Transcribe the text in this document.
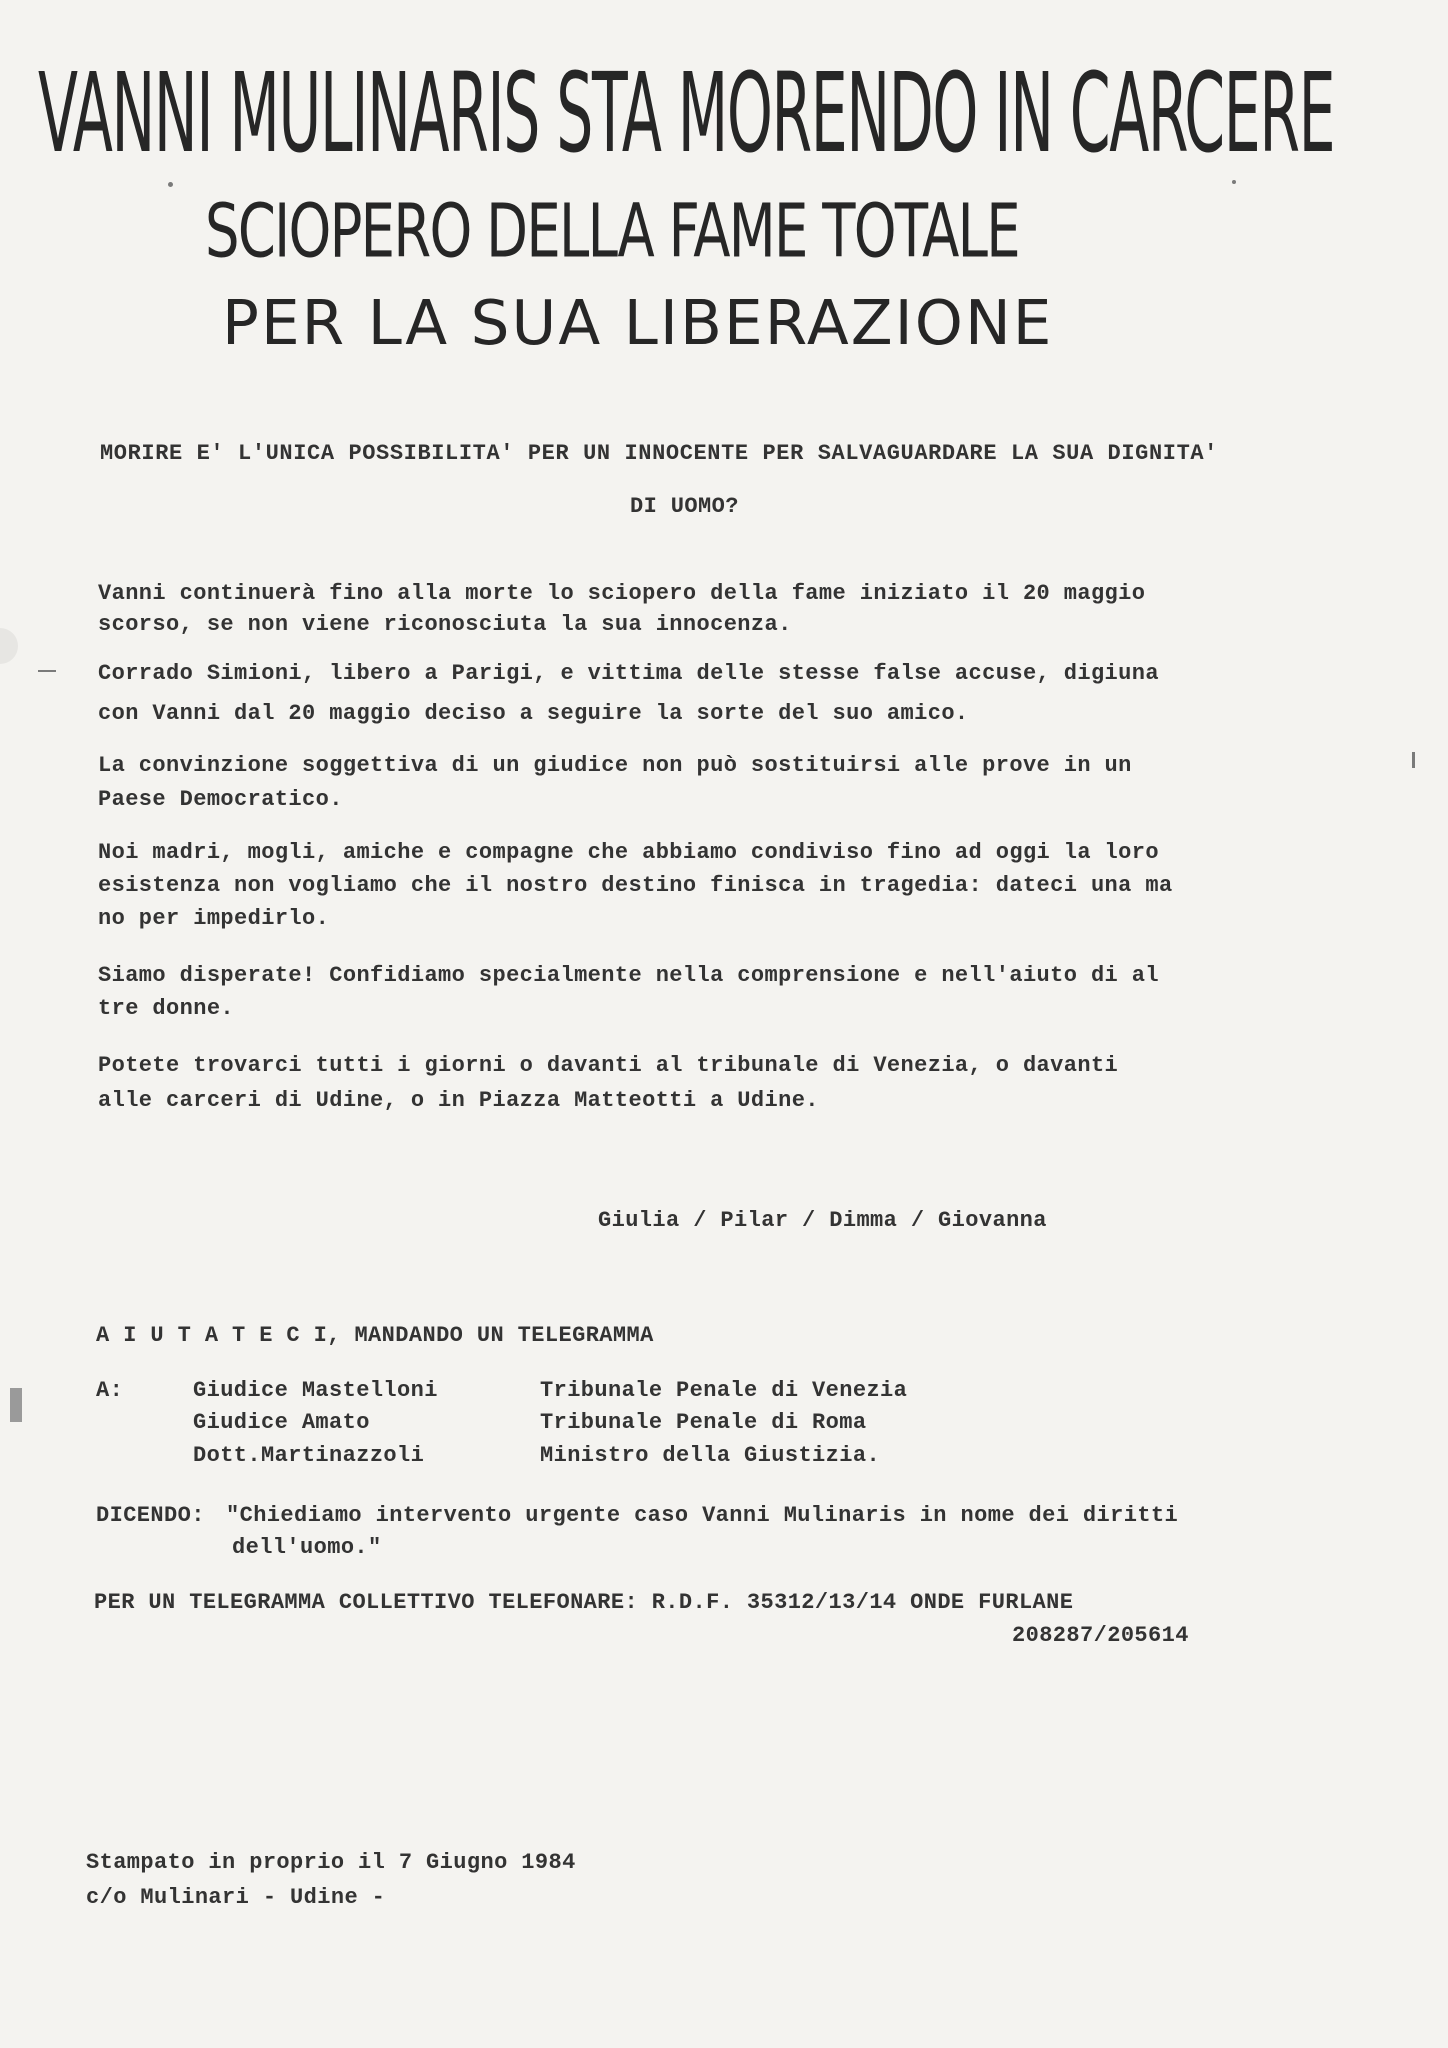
VANNI MULINARIS STA MORENDO IN CARCERE
SCIOPERO DELLA FAME TOTALE
PER LA SUA LIBERAZIONE
MORIRE E' L'UNICA POSSIBILITA' PER UN INNOCENTE PER SALVAGUARDARE LA SUA DIGNITA'
DI UOMO?
Vanni continuerà fino alla morte lo sciopero della fame iniziato il 20 maggio
scorso, se non viene riconosciuta la sua innocenza.
Corrado Simioni, libero a Parigi, e vittima delle stesse false accuse, digiuna
con Vanni dal 20 maggio deciso a seguire la sorte del suo amico.
La convinzione soggettiva di un giudice non può sostituirsi alle prove in un
Paese Democratico.
Noi madri, mogli, amiche e compagne che abbiamo condiviso fino ad oggi la loro
esistenza non vogliamo che il nostro destino finisca in tragedia: dateci una ma
no per impedirlo.
Siamo disperate! Confidiamo specialmente nella comprensione e nell'aiuto di al
tre donne.
Potete trovarci tutti i giorni o davanti al tribunale di Venezia, o davanti
alle carceri di Udine, o in Piazza Matteotti a Udine.
Giulia / Pilar / Dimma / Giovanna
A I U T A T E C I, MANDANDO UN TELEGRAMMA
A:	Giudice Mastelloni	Tribunale Penale di Venezia
Giudice Amato	Tribunale Penale di Roma
Dott.Martinazzoli	Ministro della Giustizia.
DICENDO: "Chiediamo intervento urgente caso Vanni Mulinaris in nome dei diritti
dell'uomo."
PER UN TELEGRAMMA COLLETTIVO TELEFONARE: R.D.F. 35312/13/14 ONDE FURLANE
208287/205614
Stampato in proprio il 7 Giugno 1984
c/o Mulinari - Udine -
